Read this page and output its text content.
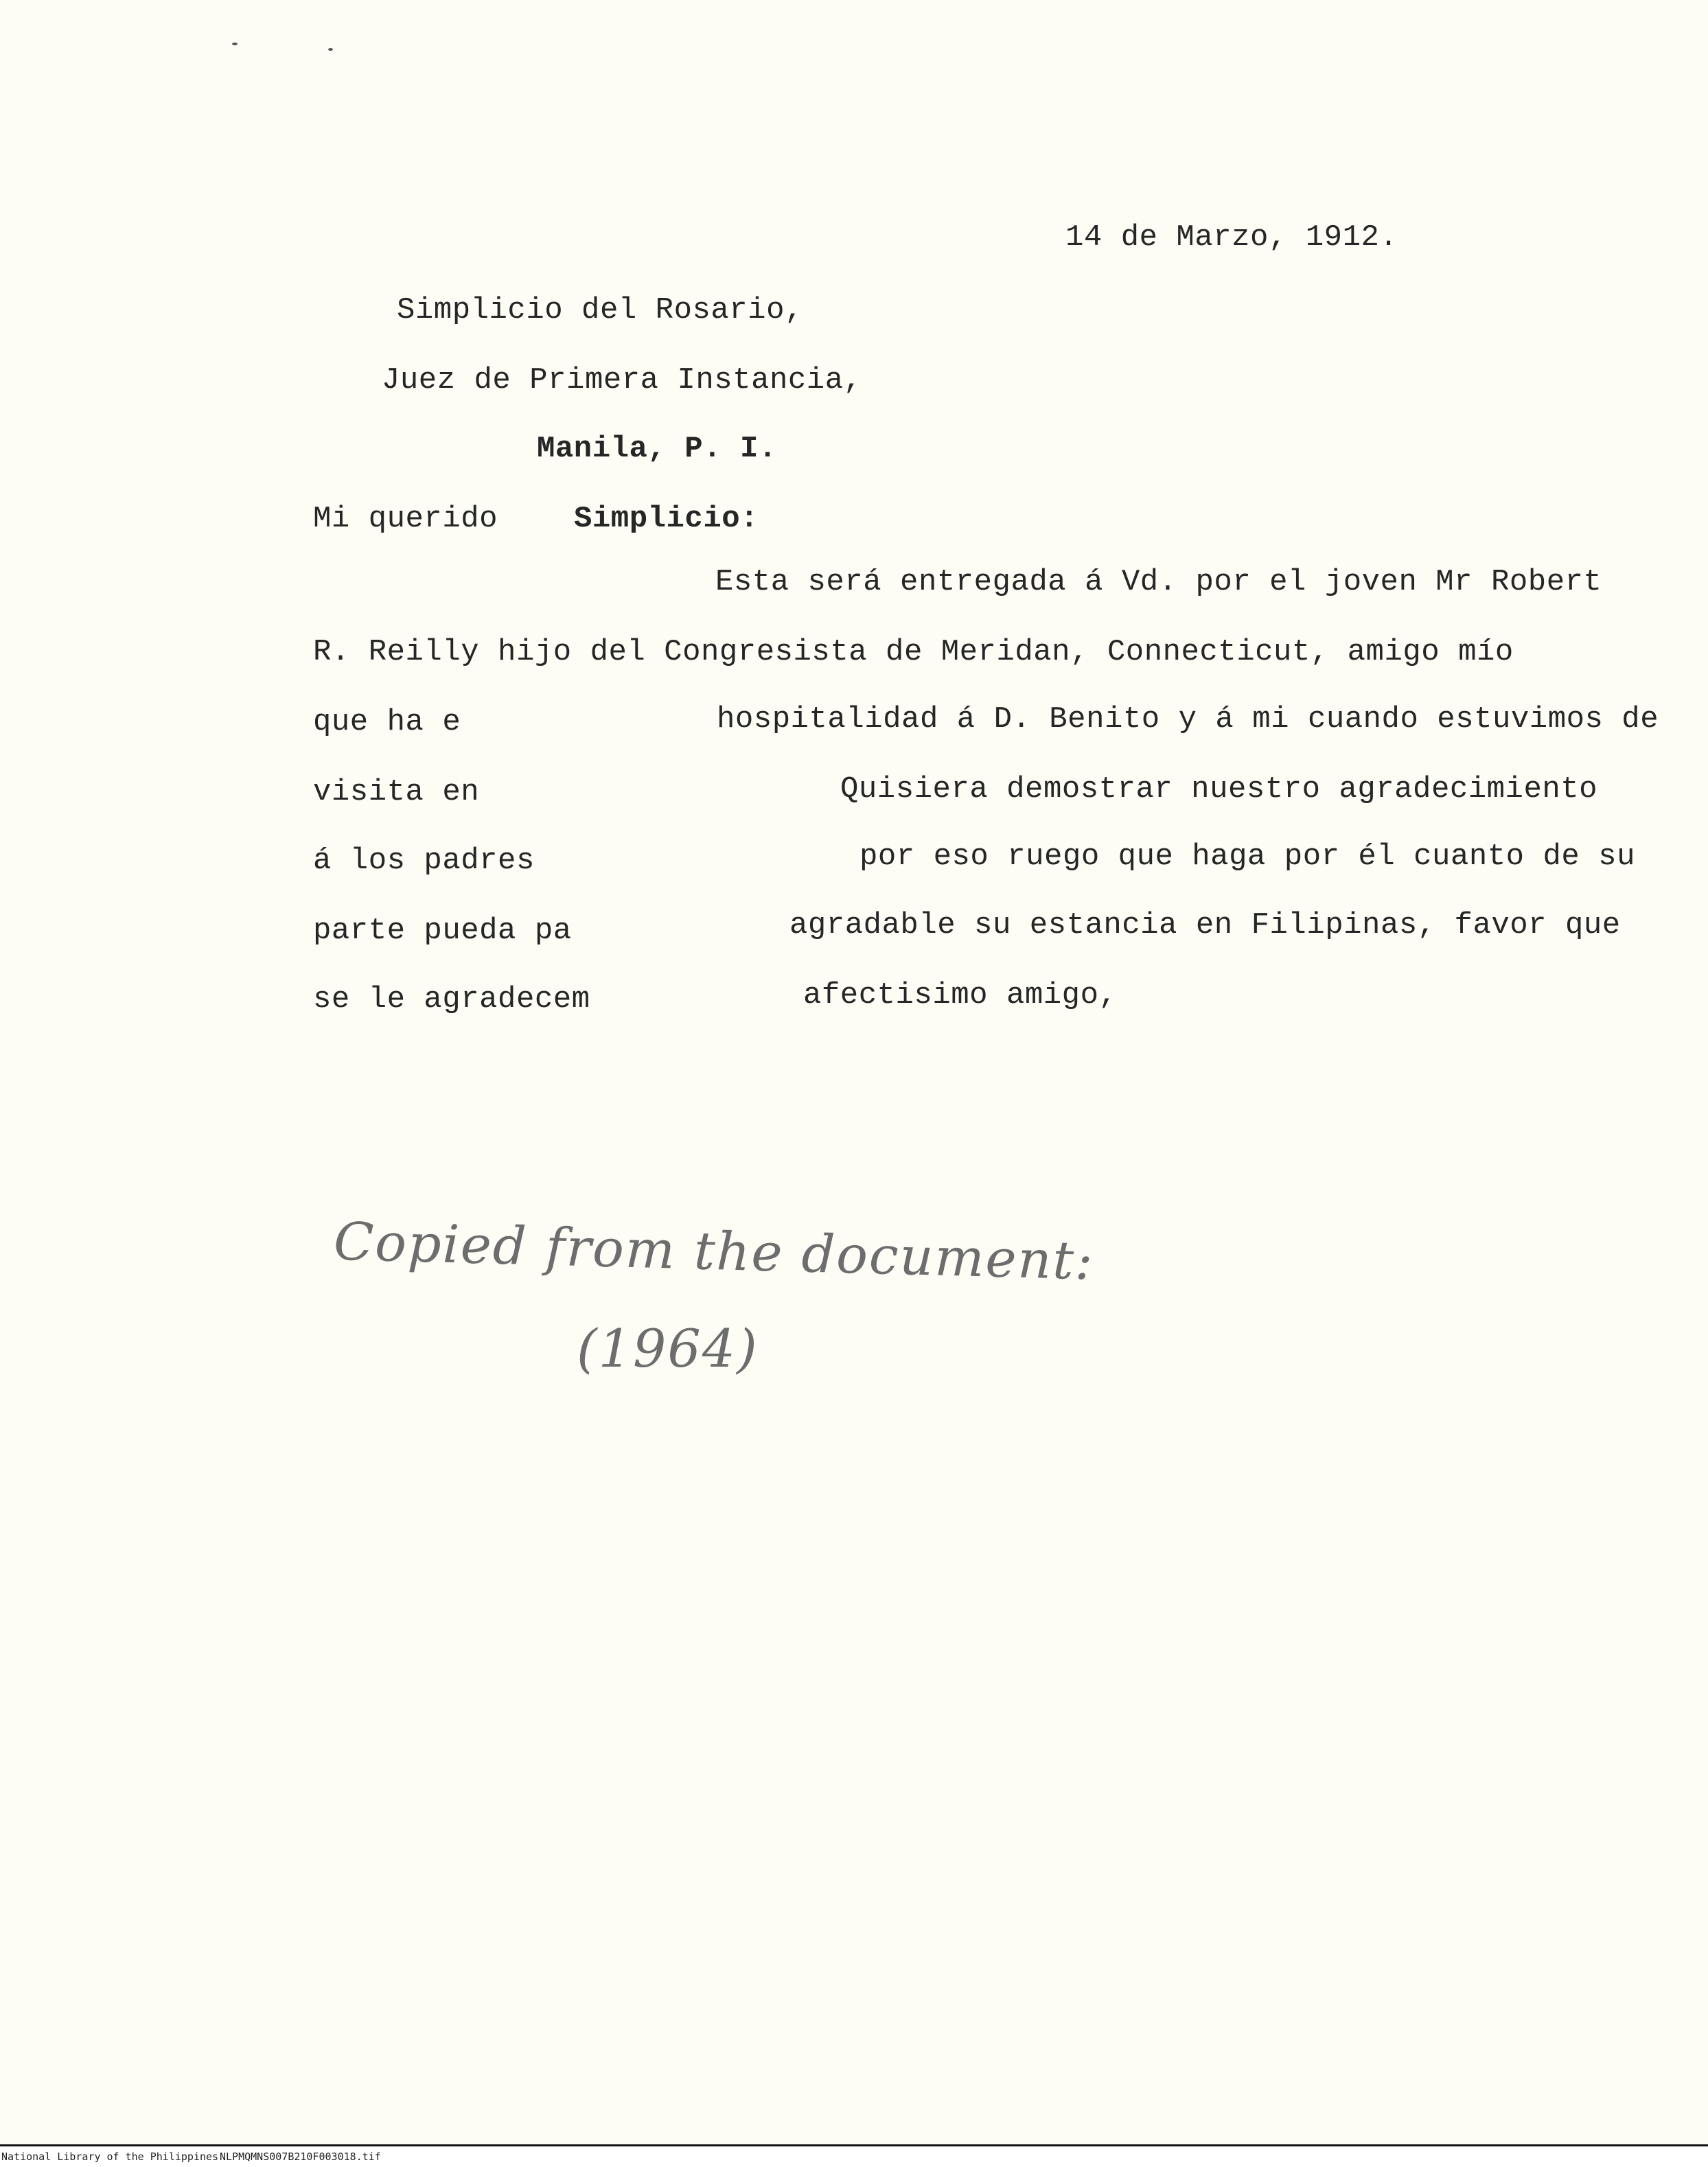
14 de Marzo, 1912.
Simplicio del Rosario,
Juez de Primera Instancia,
Manila, P. I.
Mi querido	Simplicio:
Esta será entregada á Vd. por el joven Mr Robert
R. Reilly hijo del Congresista de Meridan, Connecticut, amigo mío
que ha e	hospitalidad á D. Benito y á mi cuando estuvimos de
visita en	Quisiera demostrar nuestro agradecimiento
á los padres	por eso ruego que haga por él cuanto de su
parte pueda pa	agradable su estancia en Filipinas, favor que
se le agradecem	afectisimo amigo,
Copied from the document:
(1964)
National Library of the Philippines NLPMQMNS007B210F003018.tif
